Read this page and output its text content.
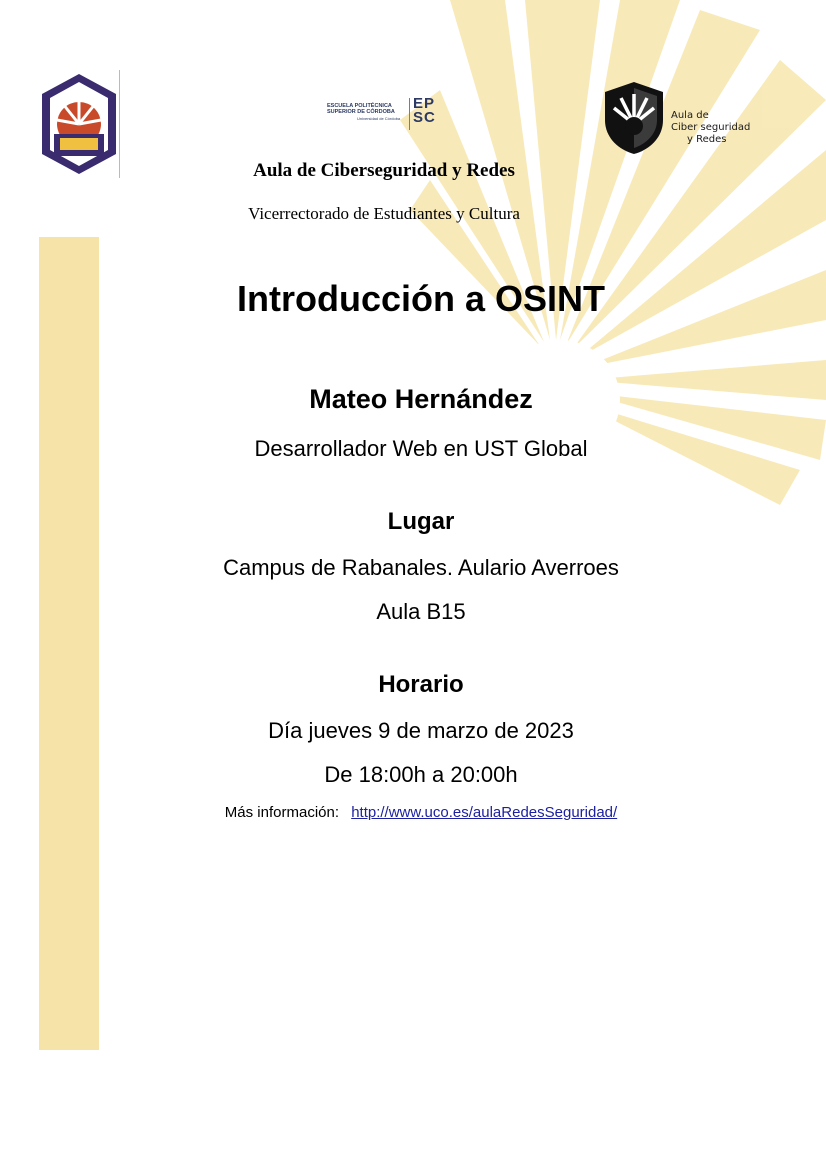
ESCUELA POLITÉCNICA
SUPERIOR DE CÓRDOBA
Universidad de Córdoba
EP
SC	Aula de
Ciber seguridad
y Redes
Aula de Ciberseguridad y Redes
Vicerrectorado de Estudiantes y Cultura
Introducción a OSINT
Mateo Hernández
Desarrollador Web en UST Global
Lugar
Campus de Rabanales. Aulario Averroes
Aula B15
Horario
Día jueves 9 de marzo de 2023
De 18:00h a 20:00h
Más información: http://www.uco.es/aulaRedesSeguridad/
